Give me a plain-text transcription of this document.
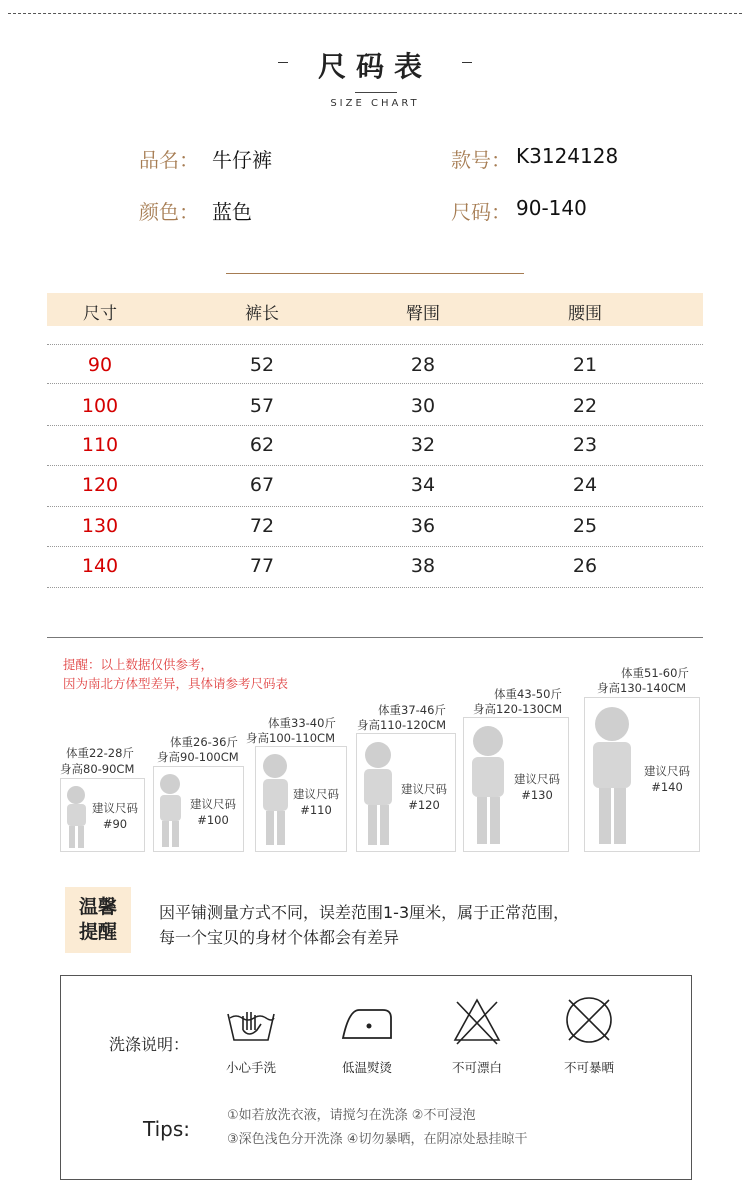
尺码表
SIZE CHART
品名： 牛仔裤	款号： K3124128
颜色： 蓝色	尺码： 90-140
尺寸	裤长	臀围	腰围
90	52	28	21
100	57	30	22
110	62	32	23
120	67	34	24
130	72	36	25
140	77	38	26
提醒：以上数据仅供参考，
因为南北方体型差异，具体请参考尺码表
体重22-28斤
身高80-90CM
建议尺码
#90
体重26-36斤
身高90-100CM
建议尺码
#100
体重33-40斤
身高100-110CM
建议尺码
#110
体重37-46斤
身高110-120CM
建议尺码
#120
体重43-50斤
身高120-130CM
建议尺码
#130
体重51-60斤
身高130-140CM
建议尺码
#140
温馨
提醒
因平铺测量方式不同，误差范围1-3厘米，属于正常范围，
每一个宝贝的身材个体都会有差异
洗涤说明：
小心手洗	低温熨烫	不可漂白	不可暴晒
Tips:
①如若放洗衣液，请搅匀在洗涤 ②不可浸泡
③深色浅色分开洗涤 ④切勿暴晒，在阴凉处悬挂晾干
